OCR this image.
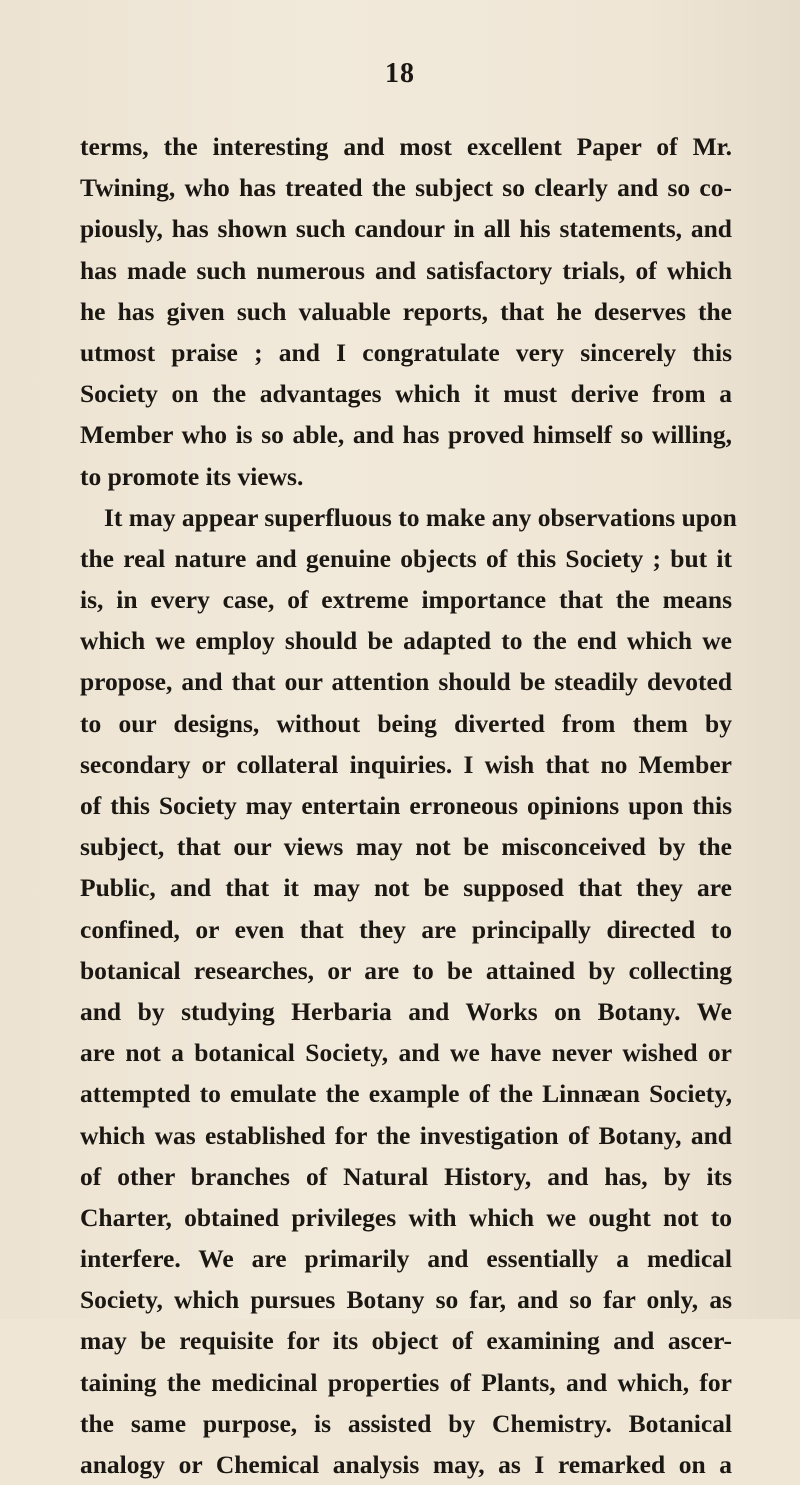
18
terms, the interesting and most excellent Paper of Mr.
Twining, who has treated the subject so clearly and so co-
piously, has shown such candour in all his statements, and
has made such numerous and satisfactory trials, of which
he has given such valuable reports, that he deserves the
utmost praise ; and I congratulate very sincerely this
Society on the advantages which it must derive from a
Member who is so able, and has proved himself so willing,
to promote its views.
It may appear superfluous to make any observations upon
the real nature and genuine objects of this Society ; but it
is, in every case, of extreme importance that the means
which we employ should be adapted to the end which we
propose, and that our attention should be steadily devoted
to our designs, without being diverted from them by
secondary or collateral inquiries. I wish that no Member
of this Society may entertain erroneous opinions upon this
subject, that our views may not be misconceived by the
Public, and that it may not be supposed that they are
confined, or even that they are principally directed to
botanical researches, or are to be attained by collecting
and by studying Herbaria and Works on Botany. We
are not a botanical Society, and we have never wished or
attempted to emulate the example of the Linnæan Society,
which was established for the investigation of Botany, and
of other branches of Natural History, and has, by its
Charter, obtained privileges with which we ought not to
interfere. We are primarily and essentially a medical
Society, which pursues Botany so far, and so far only, as
may be requisite for its object of examining and ascer-
taining the medicinal properties of Plants, and which, for
the same purpose, is assisted by Chemistry. Botanical
analogy or Chemical analysis may, as I remarked on a
